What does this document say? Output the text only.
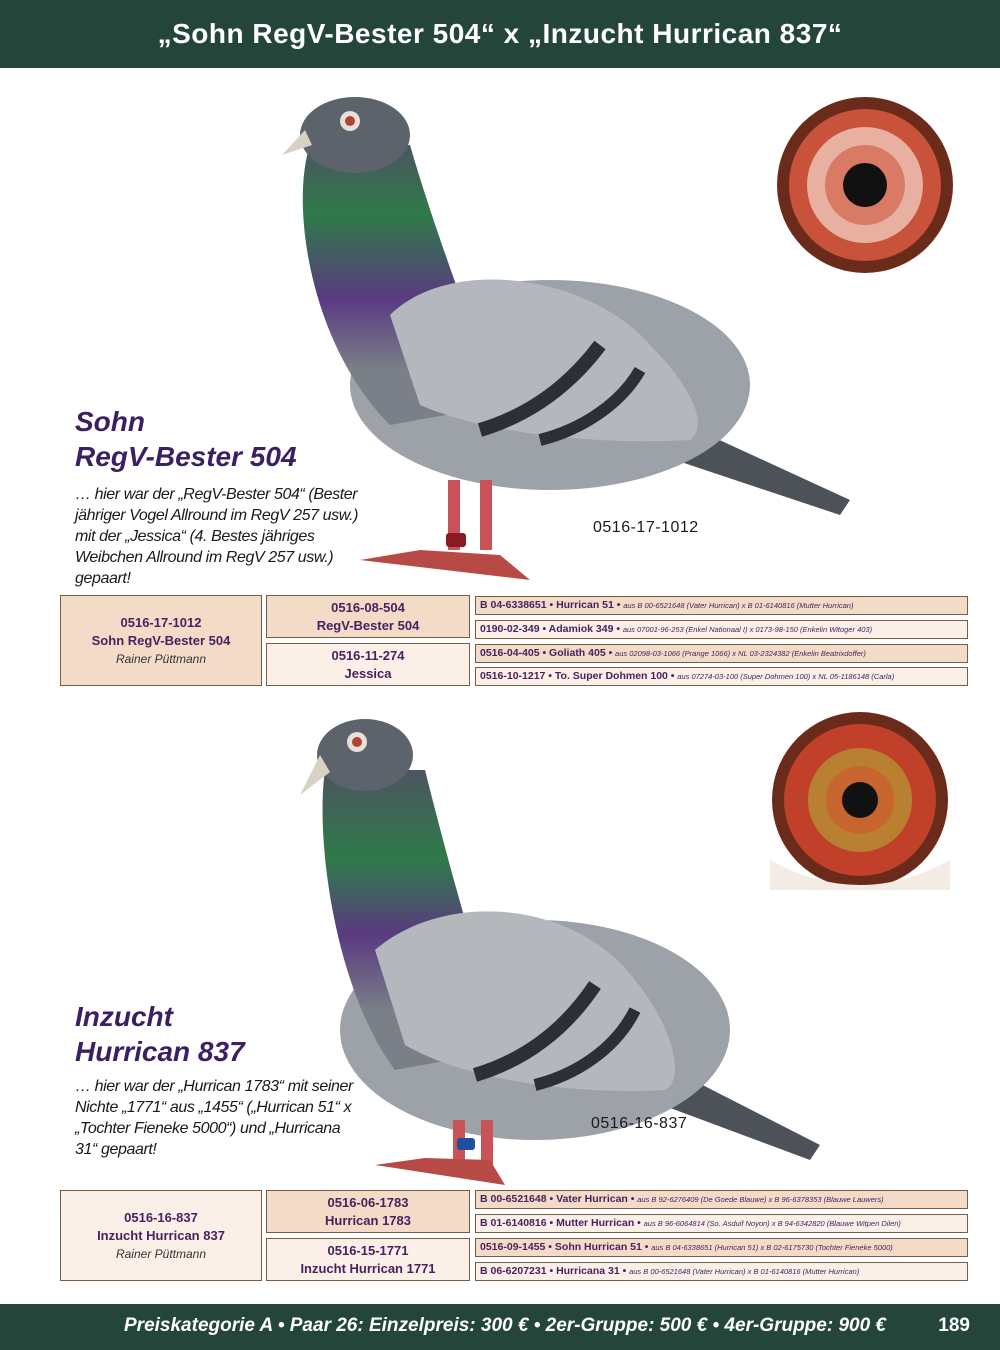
„Sohn RegV-Bester 504“ x „Inzucht Hurrican 837“
Sohn
RegV-Bester 504
… hier war der „RegV-Bester 504“ (Bester jähriger Vogel Allround im RegV 257 usw.) mit der „Jessica“ (4. Bestes jähriges Weibchen Allround im RegV 257 usw.) gepaart!
0516-17-1012
0516-17-1012
Sohn RegV-Bester 504
Rainer Püttmann
0516-08-504
RegV-Bester 504
0516-11-274
Jessica
B 04-6338651 • Hurrican 51 • aus B 00-6521648 (Vater Hurrican) x B 01-6140816 (Mutter Hurrican)
0190-02-349 • Adamiok 349 • aus 07001-96-253 (Enkel Nationaal I) x 0173-98-150 (Enkelin Witoger 403)
0516-04-405 • Goliath 405 • aus 02098-03-1066 (Prange 1066) x NL 03-2324382 (Enkelin Beatrixdoffer)
0516-10-1217 • To. Super Dohmen 100 • aus 07274-03-100 (Super Dohmen 100) x NL 05-1186148 (Carla)
Inzucht
Hurrican 837
… hier war der „Hurrican 1783“ mit seiner Nichte „1771“ aus „1455“ („Hurrican 51“ x „Tochter Fieneke 5000“) und „Hurricana 31“ gepaart!
0516-16-837
0516-16-837
Inzucht Hurrican 837
Rainer Püttmann
0516-06-1783
Hurrican 1783
0516-15-1771
Inzucht Hurrican 1771
B 00-6521648 • Vater Hurrican • aus B 92-6276409 (De Goede Blauwe) x B 96-6378353 (Blauwe Lauwers)
B 01-6140816 • Mutter Hurrican • aus B 96-6064814 (So. Asduif Noyon) x B 94-6342820 (Blauwe Witpen Dilen)
0516-09-1455 • Sohn Hurrican 51 • aus B 04-6338651 (Hurrican 51) x B 02-6175730 (Tochter Fieneke 5000)
B 06-6207231 • Hurricana 31 • aus B 00-6521648 (Vater Hurrican) x B 01-6140816 (Mutter Hurrican)
Preiskategorie A • Paar 26: Einzelpreis: 300 € • 2er-Gruppe: 500 € • 4er-Gruppe: 900 €	189
